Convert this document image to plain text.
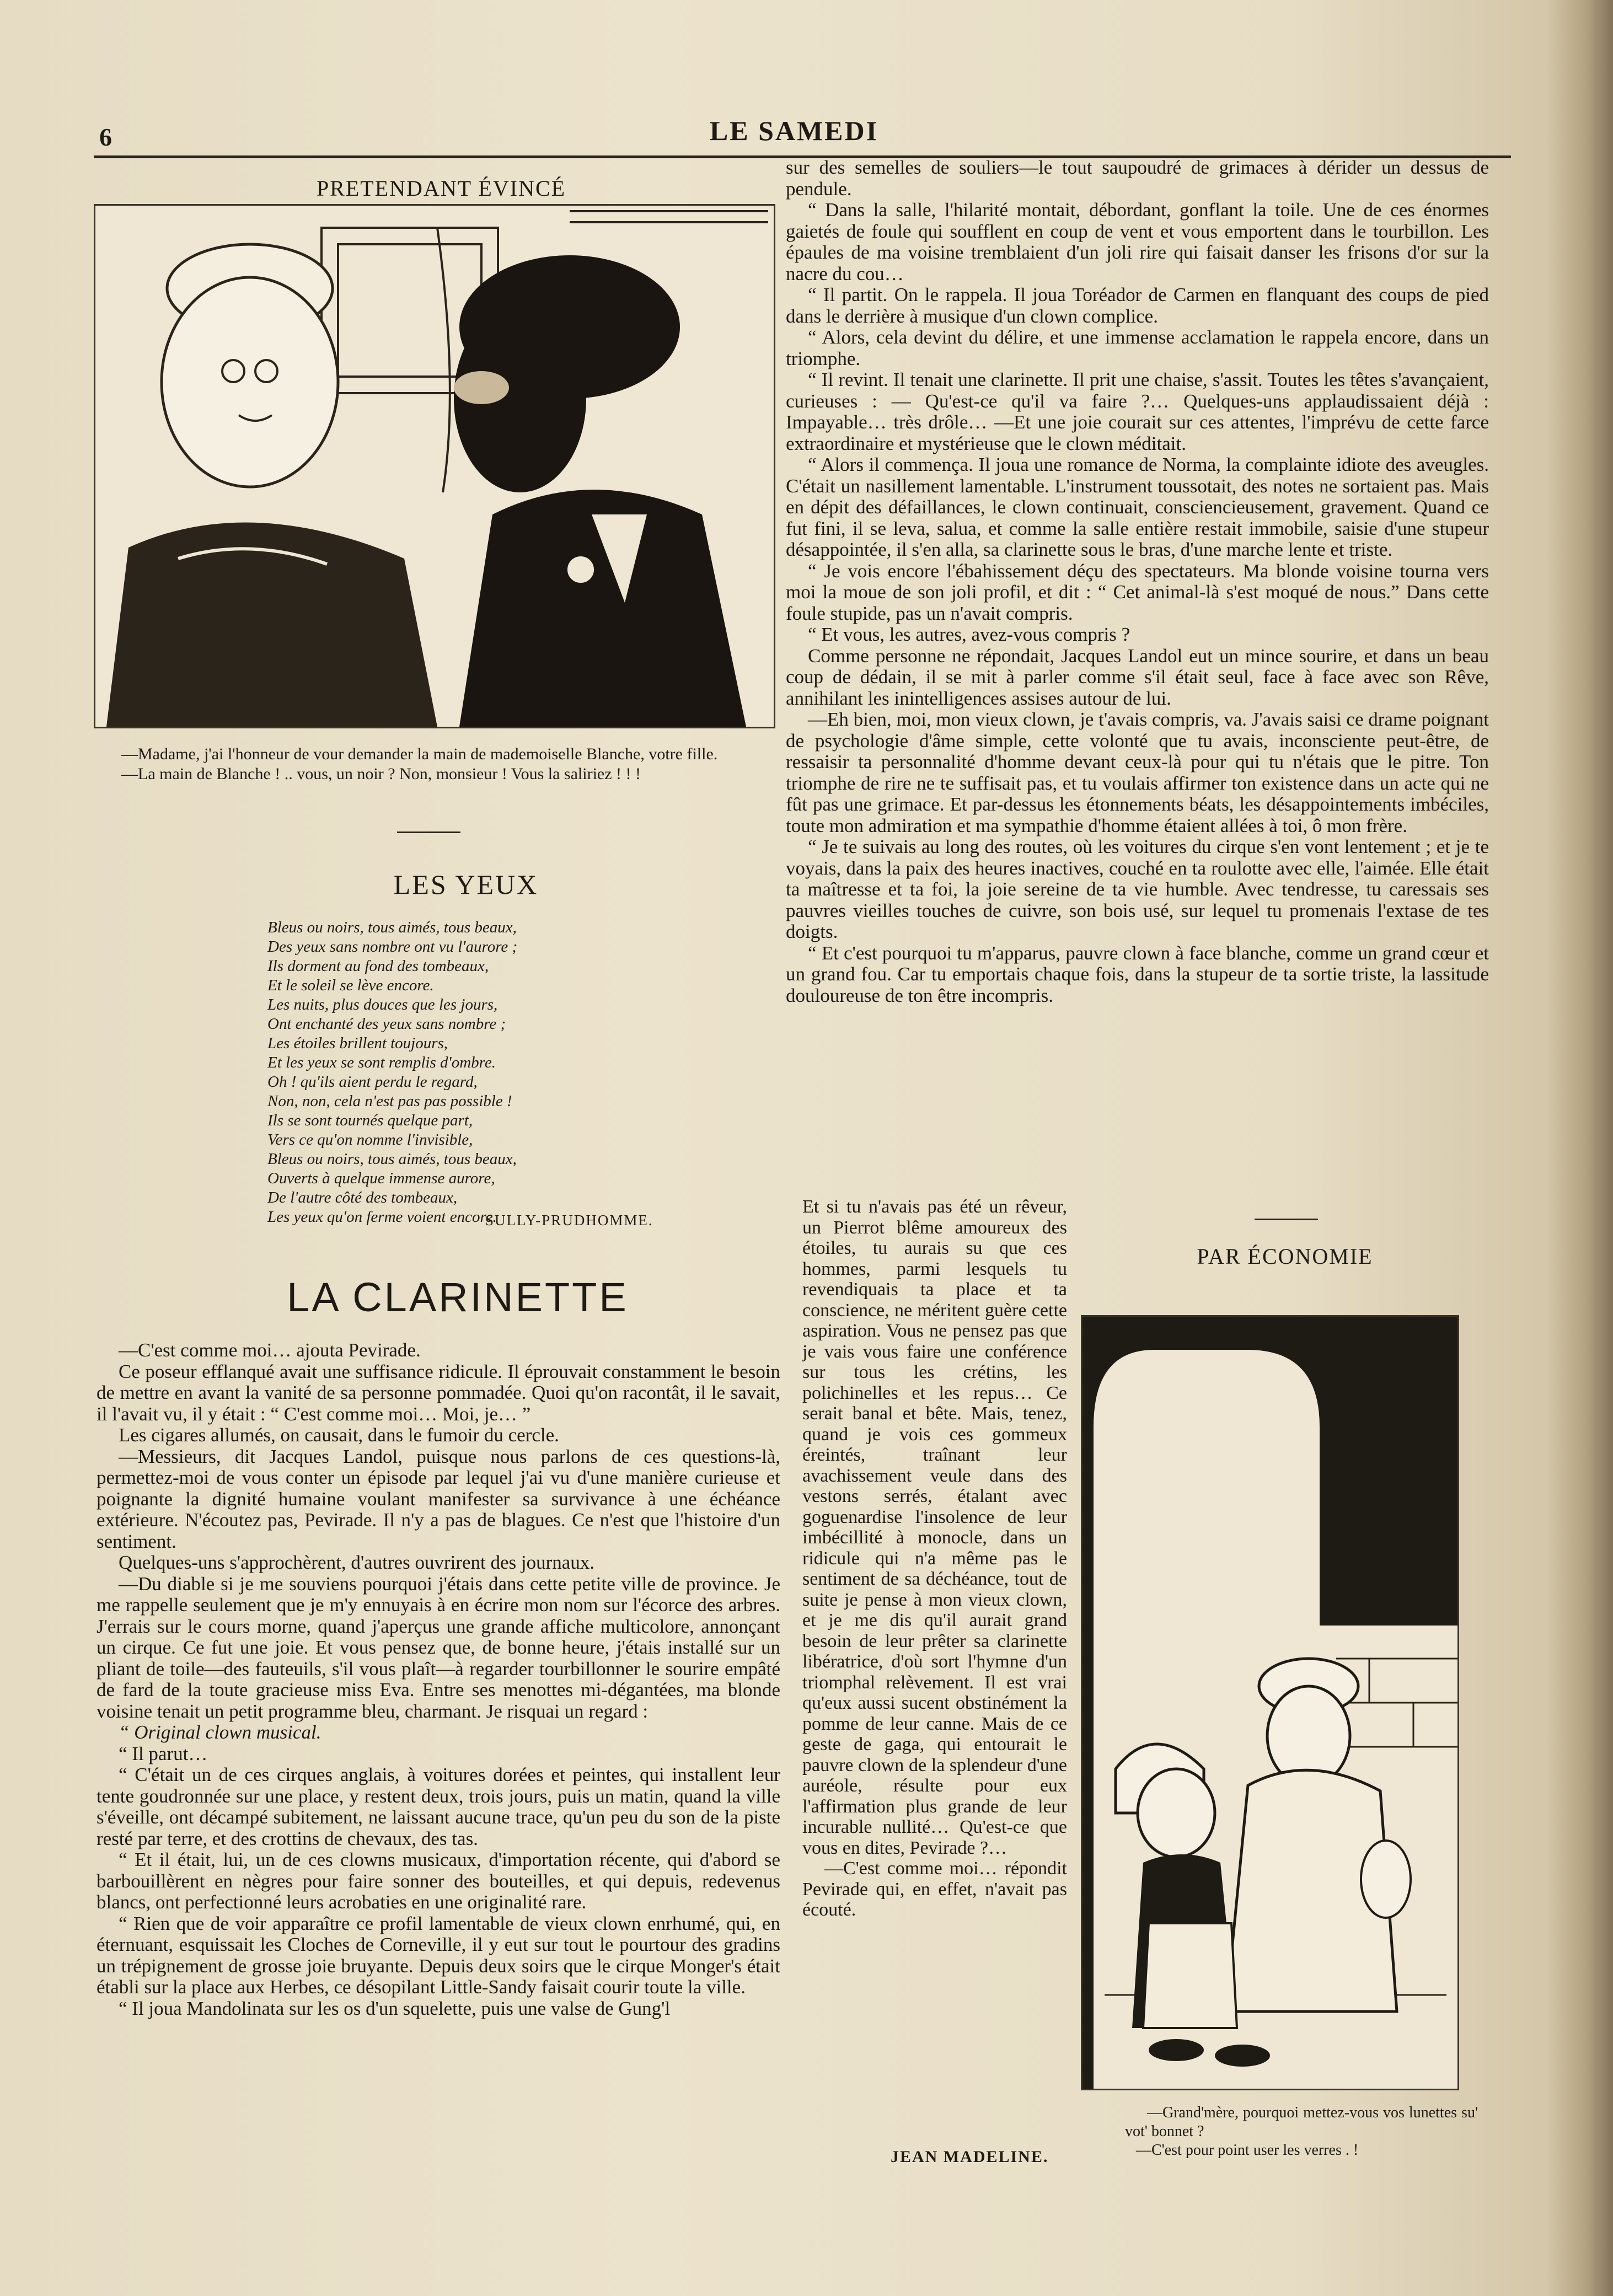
6	LE SAMEDI
PRETENDANT ÉVINCÉ
—Madame, j'ai l'honneur de vour demander la main de mademoiselle Blanche, votre fille.
—La main de Blanche ! .. vous, un noir ? Non, monsieur ! Vous la saliriez ! ! !
LES YEUX
Bleus ou noirs, tous aimés, tous beaux,
Des yeux sans nombre ont vu l'aurore ;
Ils dorment au fond des tombeaux,
Et le soleil se lève encore.
Les nuits, plus douces que les jours,
Ont enchanté des yeux sans nombre ;
Les étoiles brillent toujours,
Et les yeux se sont remplis d'ombre.
Oh ! qu'ils aient perdu le regard,
Non, non, cela n'est pas pas possible !
Ils se sont tournés quelque part,
Vers ce qu'on nomme l'invisible,
Bleus ou noirs, tous aimés, tous beaux,
Ouverts à quelque immense aurore,
De l'autre côté des tombeaux,
Les yeux qu'on ferme voient encore.
SULLY-PRUDHOMME.
LA CLARINETTE

—C'est comme moi… ajouta Pevirade.

Ce poseur efflanqué avait une suffisance ridicule. Il éprouvait constamment le besoin de mettre en avant la vanité de sa personne pommadée. Quoi qu'on racontât, il le savait, il l'avait vu, il y était : “ C'est comme moi… Moi, je… ”

Les cigares allumés, on causait, dans le fumoir du cercle.

—Messieurs, dit Jacques Landol, puisque nous parlons de ces questions-là, permettez-moi de vous conter un épisode par lequel j'ai vu d'une manière curieuse et poignante la dignité humaine voulant manifester sa survivance à une échéance extérieure. N'écoutez pas, Pevirade. Il n'y a pas de blagues. Ce n'est que l'histoire d'un sentiment.

Quelques-uns s'approchèrent, d'autres ouvrirent des journaux.

—Du diable si je me souviens pourquoi j'étais dans cette petite ville de province. Je me rappelle seulement que je m'y ennuyais à en écrire mon nom sur l'écorce des arbres. J'errais sur le cours morne, quand j'aperçus une grande affiche multicolore, annonçant un cirque. Ce fut une joie. Et vous pensez que, de bonne heure, j'étais installé sur un pliant de toile—des fauteuils, s'il vous plaît—à regarder tourbillonner le sourire empâté de fard de la toute gracieuse miss Eva. Entre ses menottes mi-dégantées, ma blonde voisine tenait un petit programme bleu, charmant. Je risquai un regard :

“ Original clown musical.

“ Il parut…

“ C'était un de ces cirques anglais, à voitures dorées et peintes, qui installent leur tente goudronnée sur une place, y restent deux, trois jours, puis un matin, quand la ville s'éveille, ont décampé subitement, ne laissant aucune trace, qu'un peu du son de la piste resté par terre, et des crottins de chevaux, des tas.

“ Et il était, lui, un de ces clowns musicaux, d'importation récente, qui d'abord se barbouillèrent en nègres pour faire sonner des bouteilles, et qui depuis, redevenus blancs, ont perfectionné leurs acrobaties en une originalité rare.

“ Rien que de voir apparaître ce profil lamentable de vieux clown enrhumé, qui, en éternuant, esquissait les Cloches de Corneville, il y eut sur tout le pourtour des gradins un trépignement de grosse joie bruyante. Depuis deux soirs que le cirque Monger's était établi sur la place aux Herbes, ce désopilant Little-Sandy faisait courir toute la ville.

“ Il joua Mandolinata sur les os d'un squelette, puis une valse de Gung'l

sur des semelles de souliers—le tout saupoudré de grimaces à dérider un dessus de pendule.

“ Dans la salle, l'hilarité montait, débordant, gonflant la toile. Une de ces énormes gaietés de foule qui soufflent en coup de vent et vous emportent dans le tourbillon. Les épaules de ma voisine tremblaient d'un joli rire qui faisait danser les frisons d'or sur la nacre du cou…

“ Il partit. On le rappela. Il joua Toréador de Carmen en flanquant des coups de pied dans le derrière à musique d'un clown complice.

“ Alors, cela devint du délire, et une immense acclamation le rappela encore, dans un triomphe.

“ Il revint. Il tenait une clarinette. Il prit une chaise, s'assit. Toutes les têtes s'avançaient, curieuses : — Qu'est-ce qu'il va faire ?… Quelques-uns applaudissaient déjà : Impayable… très drôle… —Et une joie courait sur ces attentes, l'imprévu de cette farce extraordinaire et mystérieuse que le clown méditait.

“ Alors il commença. Il joua une romance de Norma, la complainte idiote des aveugles. C'était un nasillement lamentable. L'instrument toussotait, des notes ne sortaient pas. Mais en dépit des défaillances, le clown continuait, consciencieusement, gravement. Quand ce fut fini, il se leva, salua, et comme la salle entière restait immobile, saisie d'une stupeur désappointée, il s'en alla, sa clarinette sous le bras, d'une marche lente et triste.

“ Je vois encore l'ébahissement déçu des spectateurs. Ma blonde voisine tourna vers moi la moue de son joli profil, et dit : “ Cet animal-là s'est moqué de nous.” Dans cette foule stupide, pas un n'avait compris.

“ Et vous, les autres, avez-vous compris ?

Comme personne ne répondait, Jacques Landol eut un mince sourire, et dans un beau coup de dédain, il se mit à parler comme s'il était seul, face à face avec son Rêve, annihilant les inintelligences assises autour de lui.

—Eh bien, moi, mon vieux clown, je t'avais compris, va. J'avais saisi ce drame poignant de psychologie d'âme simple, cette volonté que tu avais, inconsciente peut-être, de ressaisir ta personnalité d'homme devant ceux-là pour qui tu n'étais que le pitre. Ton triomphe de rire ne te suffisait pas, et tu voulais affirmer ton existence dans un acte qui ne fût pas une grimace. Et par-dessus les étonnements béats, les désappointements imbéciles, toute mon admiration et ma sympathie d'homme étaient allées à toi, ô mon frère.

“ Je te suivais au long des routes, où les voitures du cirque s'en vont lentement ; et je te voyais, dans la paix des heures inactives, couché en ta roulotte avec elle, l'aimée. Elle était ta maîtresse et ta foi, la joie sereine de ta vie humble. Avec tendresse, tu caressais ses pauvres vieilles touches de cuivre, son bois usé, sur lequel tu promenais l'extase de tes doigts.

“ Et c'est pourquoi tu m'apparus, pauvre clown à face blanche, comme un grand cœur et un grand fou. Car tu emportais chaque fois, dans la stupeur de ta sortie triste, la lassitude douloureuse de ton être incompris.

Et si tu n'avais pas été un rêveur, un Pierrot blême amoureux des étoiles, tu aurais su que ces hommes, parmi lesquels tu revendiquais ta place et ta conscience, ne méritent guère cette aspiration. Vous ne pensez pas que je vais vous faire une conférence sur tous les crétins, les polichinelles et les repus… Ce serait banal et bête. Mais, tenez, quand je vois ces gommeux éreintés, traînant leur avachissement veule dans des vestons serrés, étalant avec goguenardise l'insolence de leur imbécillité à monocle, dans un ridicule qui n'a même pas le sentiment de sa déchéance, tout de suite je pense à mon vieux clown, et je me dis qu'il aurait grand besoin de leur prêter sa clarinette libératrice, d'où sort l'hymne d'un triomphal relèvement. Il est vrai qu'eux aussi sucent obstinément la pomme de leur canne. Mais de ce geste de gaga, qui entourait le pauvre clown de la splendeur d'une auréole, résulte pour eux l'affirmation plus grande de leur incurable nullité… Qu'est-ce que vous en dites, Pevirade ?…

—C'est comme moi… répondit Pevirade qui, en effet, n'avait pas écouté.

JEAN MADELINE.
PAR ÉCONOMIE
—Grand'mère, pourquoi mettez-vous vos lunettes su' vot' bonnet ?
—C'est pour point user les verres . !
